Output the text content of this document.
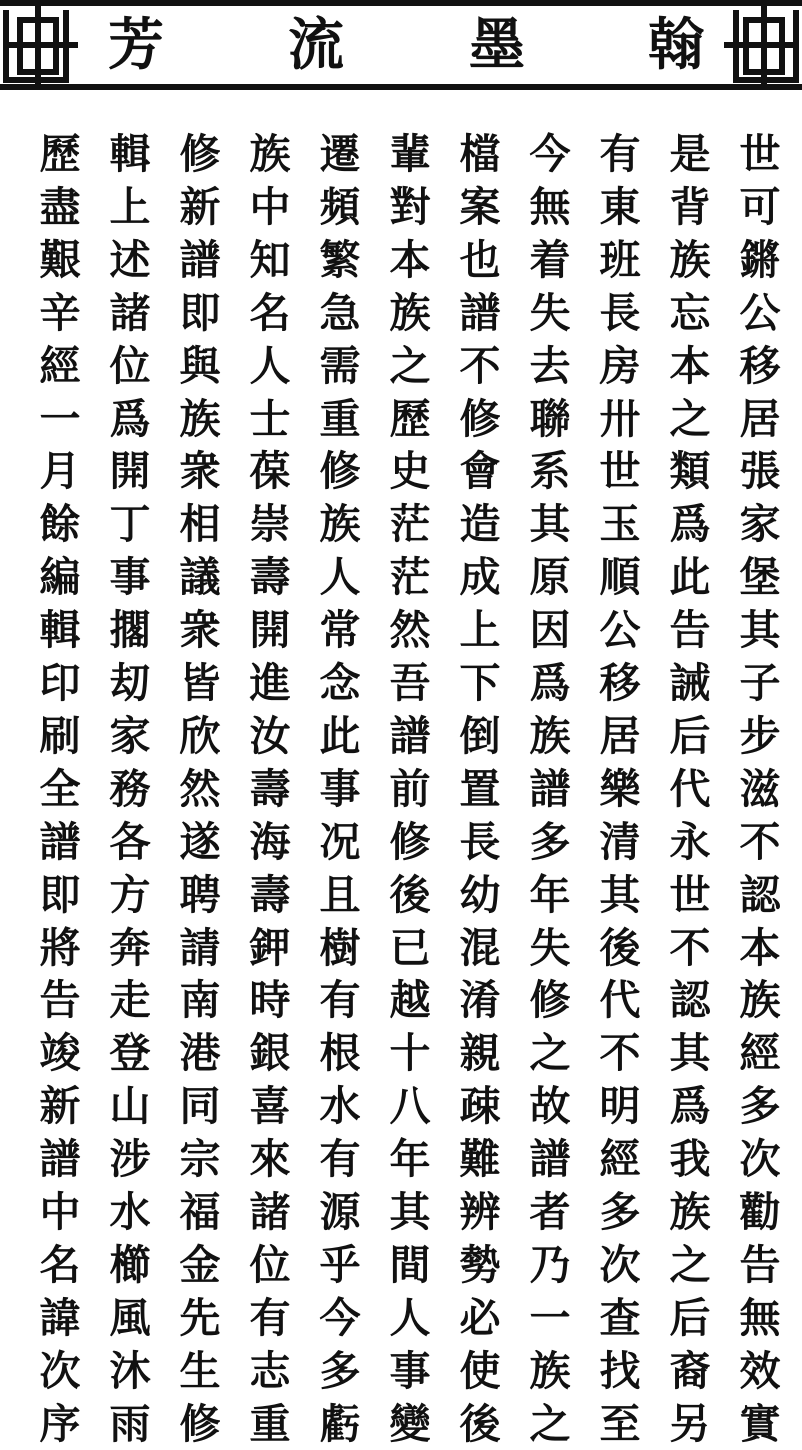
芳 流 墨 翰
世
可
鏘
公
移
居
張
家
堡
其
子
步
滋
不
認
本
族
經
多
次
勸
告
無
效
實
是
背
族
忘
本
之
類
爲
此
告
誡
后
代
永
世
不
認
其
爲
我
族
之
后
裔
另
有
東
班
長
房
卅
世
玉
順
公
移
居
樂
清
其
後
代
不
明
經
多
次
查
找
至
今
無
着
失
去
聯
系
其
原
因
爲
族
譜
多
年
失
修
之
故
譜
者
乃
一
族
之
檔
案
也
譜
不
修
會
造
成
上
下
倒
置
長
幼
混
淆
親
疎
難
辨
勢
必
使
後
輩
對
本
族
之
歷
史
茫
茫
然
吾
譜
前
修
後
已
越
十
八
年
其
間
人
事
變
遷
頻
繁
急
需
重
修
族
人
常
念
此
事
况
且
樹
有
根
水
有
源
乎
今
多
虧
族
中
知
名
人
士
葆
崇
壽
開
進
汝
壽
海
壽
鉀
時
銀
喜
來
諸
位
有
志
重
修
新
譜
即
與
族
衆
相
議
衆
皆
欣
然
遂
聘
請
南
港
同
宗
福
金
先
生
修
輯
上
述
諸
位
爲
開
丁
事
擱
刧
家
務
各
方
奔
走
登
山
涉
水
櫛
風
沐
雨
歷
盡
艱
辛
經
一
月
餘
編
輯
印
刷
全
譜
即
將
告
竣
新
譜
中
名
諱
次
序
